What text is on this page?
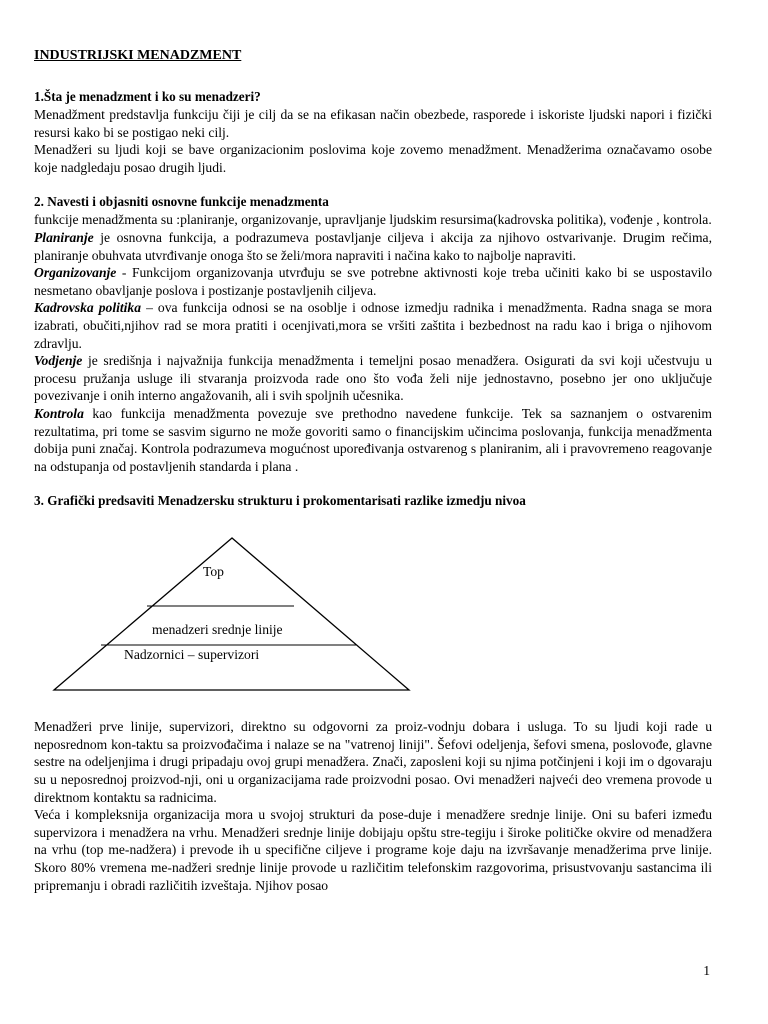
INDUSTRIJSKI MENADZMENT
1.Šta je menadzment i ko su menadzeri?

Menadžment predstavlja funkciju čiji je cilj da se na efikasan način obezbede, rasporede i iskoriste ljudski napori i fizički resursi kako bi se postigao neki cilj.

Menadžeri su ljudi koji se bave organizacionim poslovima koje zovemo menadžment. Menadžerima označavamo osobe koje nadgledaju posao drugih ljudi.

2. Navesti i objasniti osnovne funkcije menadzmenta

funkcije menadžmenta su :planiranje, organizovanje, upravljanje ljudskim resursima(kadrovska politika), vođenje , kontrola.

Planiranje je osnovna funkcija, a podrazumeva postavljanje ciljeva i akcija za njihovo ostvarivanje. Drugim rečima, planiranje obuhvata utvrđivanje onoga što se želi/mora napraviti i načina kako to najbolje napraviti.

Organizovanje - Funkcijom organizovanja utvrđuju se sve potrebne aktivnosti koje treba učiniti kako bi se uspostavilo nesmetano obavljanje poslova i postizanje postavljenih ciljeva.

Kadrovska politika – ova funkcija odnosi se na osoblje i odnose izmedju radnika i menadžmenta. Radna snaga se mora izabrati, obučiti,njihov rad se mora pratiti i ocenjivati,mora se vršiti zaštita i bezbednost na radu kao i briga o njihovom zdravlju.

Vodjenje je središnja i najvažnija funkcija menadžmenta i temeljni posao menadžera. Osigurati da svi koji učestvuju u procesu pružanja usluge ili stvaranja proizvoda rade ono što vođa želi nije jednostavno, posebno jer ono uključuje povezivanje i onih interno angažovanih, ali i svih spoljnih učesnika.

Kontrola kao funkcija menadžmenta povezuje sve prethodno navedene funkcije. Tek sa saznanjem o ostvarenim rezultatima, pri tome se sasvim sigurno ne može govoriti samo o financijskim učincima poslovanja, funkcija menadžmenta dobija puni značaj. Kontrola podrazumeva mogućnost upoređivanja ostvarenog s planiranim, ali i pravovremeno reagovanje na odstupanja od postavljenih standarda i plana .

3. Grafički predsaviti Menadzersku strukturu i prokomentarisati razlike izmedju nivoa
Top
menadzeri srednje linije
Nadzornici – supervizori

Menadžeri prve linije, supervizori, direktno su odgovorni za proiz-vodnju dobara i usluga. To su ljudi koji rade u neposrednom kon-taktu sa proizvođačima i nalaze se na "vatrenoj liniji". Šefovi odeljenja, šefovi smena, poslovođe, glavne sestre na odeljenjima i drugi pripadaju ovoj grupi menadžera. Znači, zaposleni koji su njima potčinjeni i koji im o dgovaraju su u neposrednoj proizvod-nji, oni u organizacijama rade proizvodni posao. Ovi menadžeri najveći deo vremena provode u direktnom kontaktu sa radnicima.

Veća i kompleksnija organizacija mora u svojoj strukturi da pose-duje i menadžere srednje linije. Oni su baferi između supervizora i menadžera na vrhu. Menadžeri srednje linije dobijaju opštu stre-tegiju i široke političke okvire od menadžera na vrhu (top me-nadžera) i prevode ih u specifične ciljeve i programe koje daju na izvršavanje menadžerima prve linije. Skoro 80% vremena me-nadžeri srednje linije provode u različitim telefonskim razgovorima, prisustvovanju sastancima ili pripremanju i obradi različitih izveštaja. Njihov posao

1
